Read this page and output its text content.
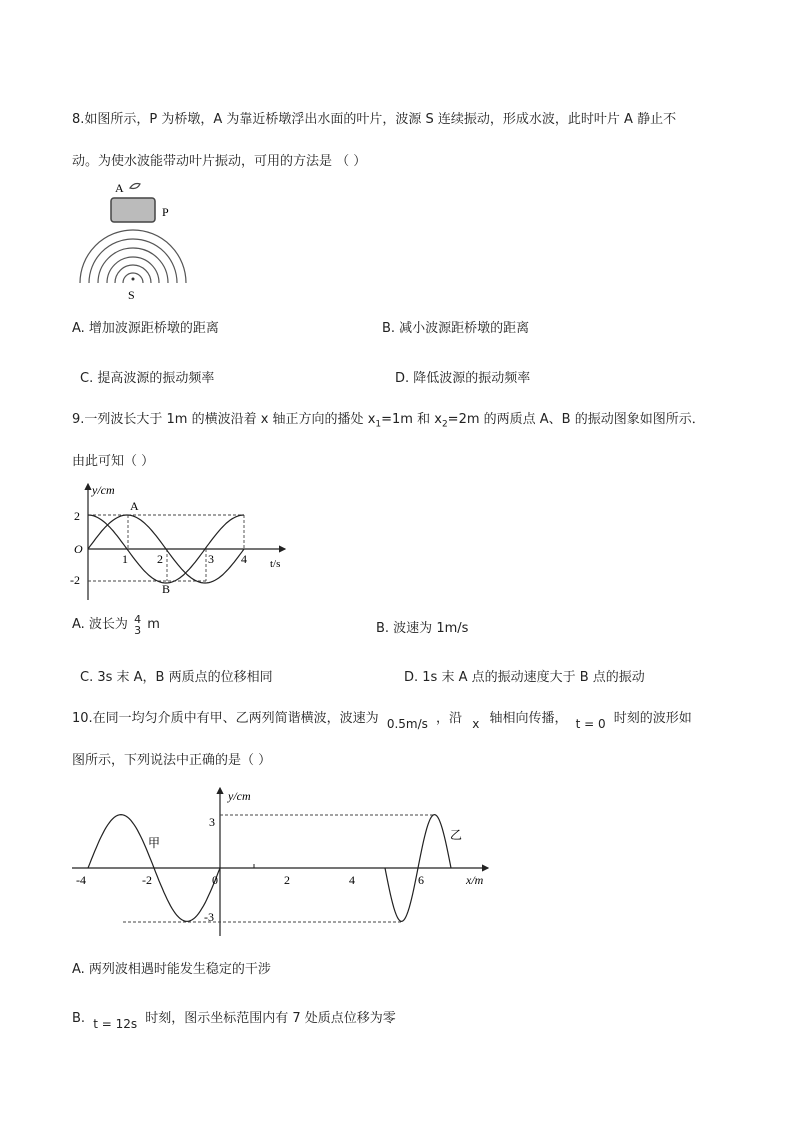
8.如图所示，P 为桥墩，A 为靠近桥墩浮出水面的叶片，波源 S 连续振动，形成水波，此时叶片 A 静止不
动。为使水波能带动叶片振动，可用的方法是 （ ）
A
P
S
A. 增加波源距桥墩的距离	B. 减小波源距桥墩的距离
C. 提高波源的振动频率	D. 降低波源的振动频率
9.一列波长大于 1m 的横波沿着 x 轴正方向的播处 $x_1=1m$ 和 $x_2=2m$ 的两质点 A、B 的振动图象如图所示．
由此可知（ ）
y/cm
t/s
O
2
-2
1 2	3 4
A
B
A. 波长为 4
3 m	B. 波速为 1m/s
C. 3s 末 A，B 两质点的位移相同	D. 1s 末 A 点的振动速度大于 B 点的振动
10.在同一均匀介质中有甲、乙两列简谐横波，波速为 0.5m/s ，沿 x 轴相向传播， t = 0 时刻的波形如
图所示，下列说法中正确的是（ ）
y/cm
x/m
3
-3
甲
乙
-4	-2	0	2	4	6
A. 两列波相遇时能发生稳定的干涉
B. t = 12s 时刻，图示坐标范围内有 7 处质点位移为零
